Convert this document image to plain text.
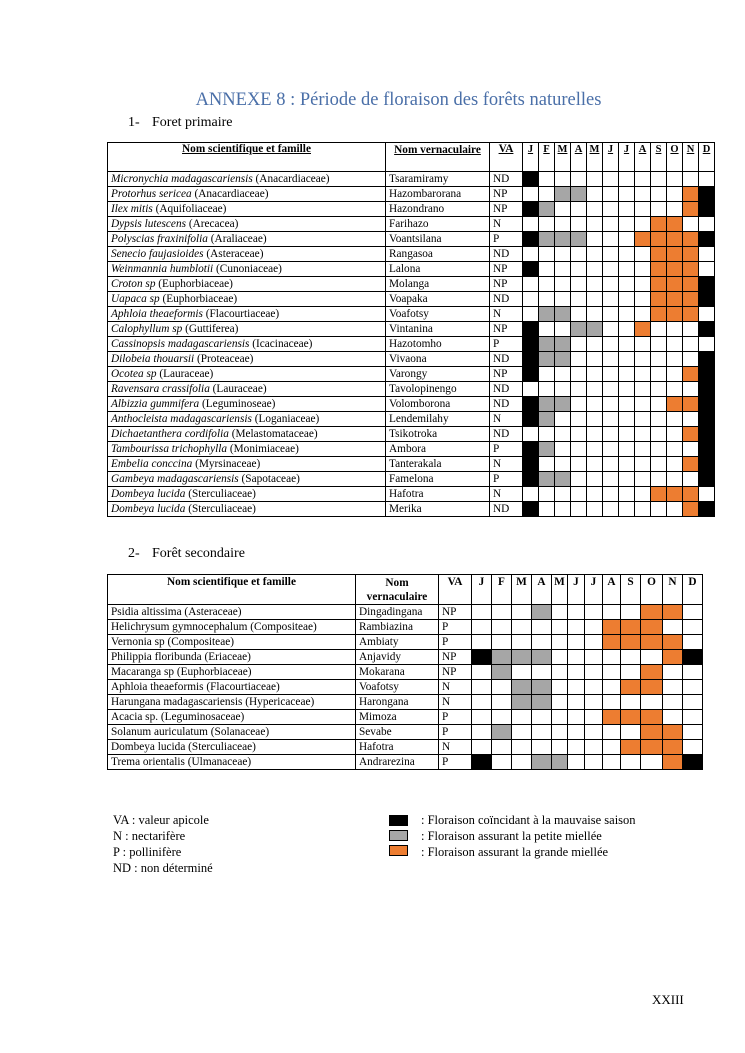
ANNEXE 8 : Période de floraison des forêts naturelles
1- Foret primaire
Nom scientifique et famille	Nom vernaculaire	VA	J	F	M	A	M	J	J	A	S	O	N	D
Micronychia madagascariensis (Anacardiaceae)	Tsaramiramy	ND												
Protorhus sericea (Anacardiaceae)	Hazombarorana	NP												
Ilex mitis (Aquifoliaceae)	Hazondrano	NP												
Dypsis lutescens (Arecacea)	Farihazo	N												
Polyscias fraxinifolia (Araliaceae)	Voantsilana	P												
Senecio faujasioides (Asteraceae)	Rangasoa	ND												
Weinmannia humblotii (Cunoniaceae)	Lalona	NP												
Croton sp (Euphorbiaceae)	Molanga	NP												
Uapaca sp (Euphorbiaceae)	Voapaka	ND												
Aphloia theaeformis (Flacourtiaceae)	Voafotsy	N												
Calophyllum sp (Guttiferea)	Vintanina	NP												
Cassinopsis madagascariensis (Icacinaceae)	Hazotomho	P												
Dilobeia thouarsii (Proteaceae)	Vivaona	ND												
Ocotea sp (Lauraceae)	Varongy	NP												
Ravensara crassifolia (Lauraceae)	Tavolopinengo	ND												
Albizzia gummifera (Leguminoseae)	Volomborona	ND												
Anthocleista madagascariensis (Loganiaceae)	Lendemilahy	N												
Dichaetanthera cordifolia (Melastomataceae)	Tsikotroka	ND												
Tambourissa trichophylla (Monimiaceae)	Ambora	P												
Embelia conccina (Myrsinaceae)	Tanterakala	N												
Gambeya madagascariensis (Sapotaceae)	Famelona	P												
Dombeya lucida (Sterculiaceae)	Hafotra	N												
Dombeya lucida (Sterculiaceae)	Merika	ND												
2- Forêt secondaire
Nom scientifique et famille	Nom vernaculaire	VA	J	F	M	A	M	J	J	A	S	O	N	D
Psidia altissima (Asteraceae)	Dingadingana	NP												
Helichrysum gymnocephalum (Compositeae)	Rambiazina	P												
Vernonia sp (Compositeae)	Ambiaty	P												
Philippia floribunda (Eriaceae)	Anjavidy	NP												
Macaranga sp (Euphorbiaceae)	Mokarana	NP												
Aphloia theaeformis (Flacourtiaceae)	Voafotsy	N												
Harungana madagascariensis (Hypericaceae)	Harongana	N												
Acacia sp. (Leguminosaceae)	Mimoza	P												
Solanum auriculatum (Solanaceae)	Sevabe	P												
Dombeya lucida (Sterculiaceae)	Hafotra	N												
Trema orientalis (Ulmanaceae)	Andrarezina	P												
VA : valeur apicole
N : nectarifère
P : pollinifère
ND : non déterminé
: Floraison coïncidant à la mauvaise saison
: Floraison assurant la petite miellée
: Floraison assurant la grande miellée
XXIII
